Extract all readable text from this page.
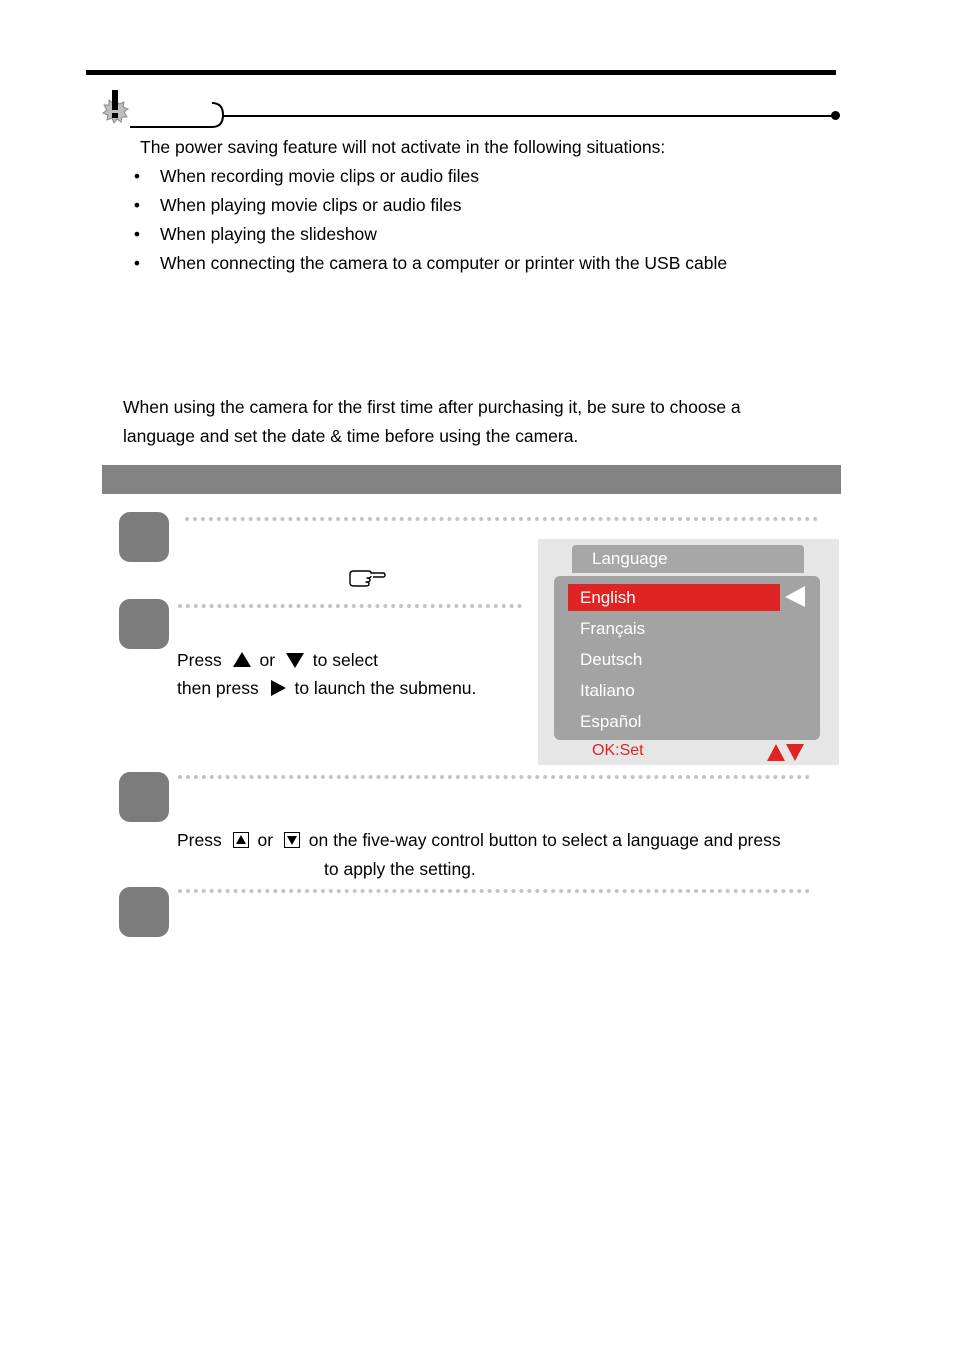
The power saving feature will not activate in the following situations:
• When recording movie clips or audio files
• When playing movie clips or audio files
• When playing the slideshow
• When connecting the camera to a computer or printer with the USB cable
When using the camera for the first time after purchasing it, be sure to choose a
language and set the date & time before using the camera.
Press or to select
then press to launch the submenu.
Language
English
Français
Deutsch
Italiano
Español
OK:Set
Press or on the five-way control button to select a language and press
to apply the setting.
